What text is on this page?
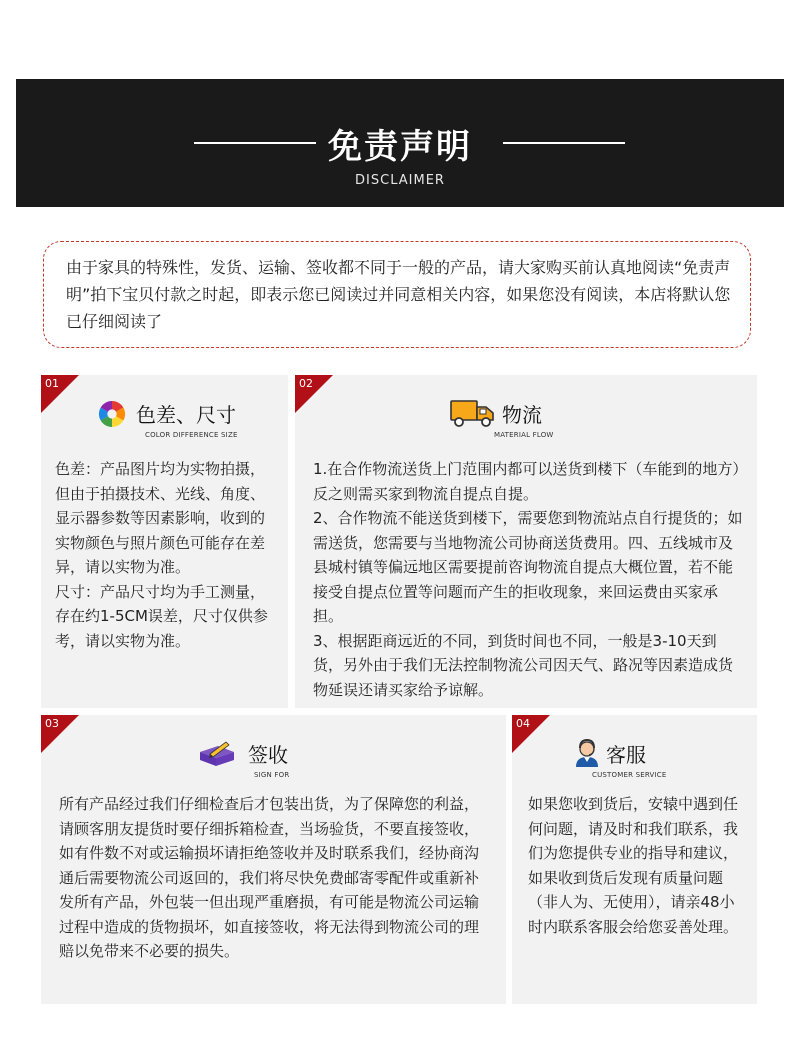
免责声明
DISCLAIMER
由于家具的特殊性，发货、运输、签收都不同于一般的产品，请大家购买前认真地阅读“免责声明”拍下宝贝付款之时起，即表示您已阅读过并同意相关内容，如果您没有阅读，本店将默认您已仔细阅读了
01
色差、尺寸
COLOR DIFFERENCE SIZE

色差：产品图片均为实物拍摄，但由于拍摄技术、光线、角度、显示器参数等因素影响，收到的实物颜色与照片颜色可能存在差异，请以实物为准。

尺寸：产品尺寸均为手工测量，存在约1-5CM误差，尺寸仅供参考，请以实物为准。

02
物流
MATERIAL FLOW

1.在合作物流送货上门范围内都可以送货到楼下（车能到的地方）反之则需买家到物流自提点自提。

2、合作物流不能送货到楼下，需要您到物流站点自行提货的；如需送货，您需要与当地物流公司协商送货费用。四、五线城市及县城村镇等偏远地区需要提前咨询物流自提点大概位置，若不能接受自提点位置等问题而产生的拒收现象，来回运费由买家承担。

3、根据距商远近的不同，到货时间也不同，一般是3-10天到货，另外由于我们无法控制物流公司因天气、路况等因素造成货物延误还请买家给予谅解。

03
签收
SIGN FOR

所有产品经过我们仔细检查后才包装出货，为了保障您的利益，请顾客朋友提货时要仔细拆箱检查，当场验货，不要直接签收，如有件数不对或运输损坏请拒绝签收并及时联系我们，经协商沟通后需要物流公司返回的，我们将尽快免费邮寄零配件或重新补发所有产品，外包装一但出现严重磨损，有可能是物流公司运输过程中造成的货物损坏，如直接签收，将无法得到物流公司的理赔以免带来不必要的损失。

04
客服
CUSTOMER SERVICE

如果您收到货后，安辕中遇到任何问题，请及时和我们联系，我们为您提供专业的指导和建议，如果收到货后发现有质量问题（非人为、无使用），请亲48小时内联系客服会给您妥善处理。
